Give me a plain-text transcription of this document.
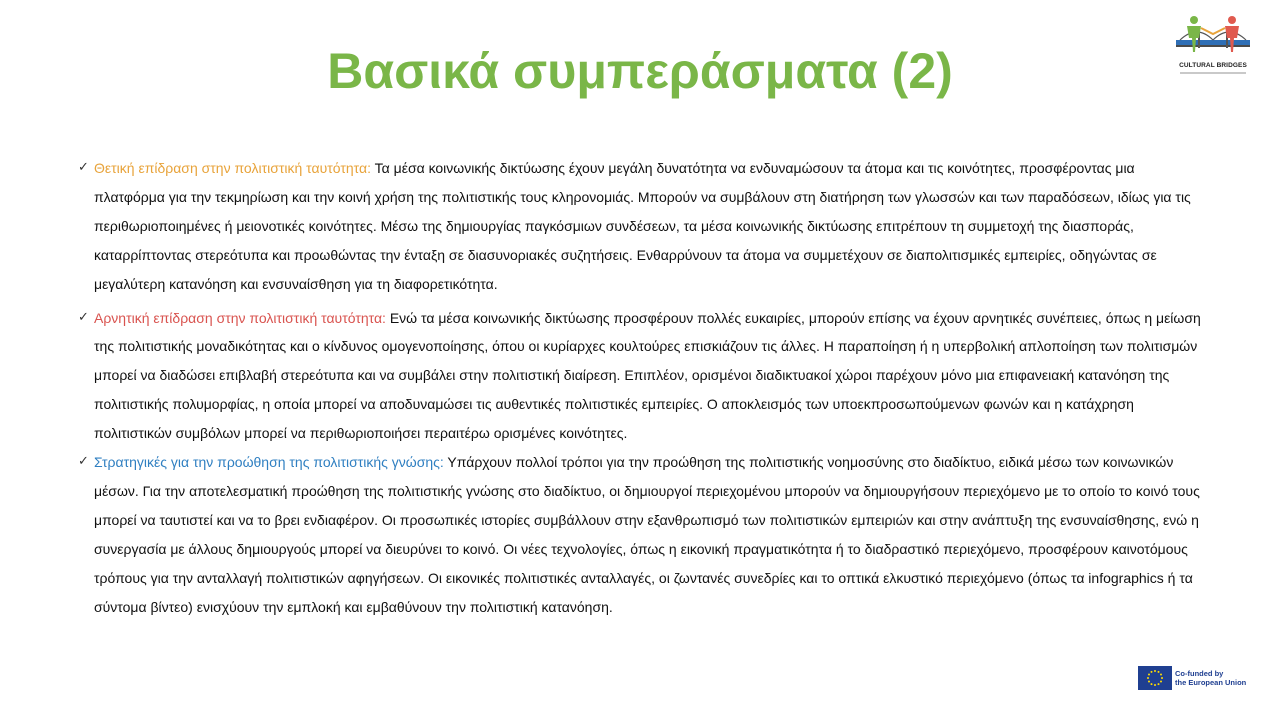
CULTURAL BRIDGES
Βασικά συμπεράσματα (2)
✓ Θετική επίδραση στην πολιτιστική ταυτότητα: Τα μέσα κοινωνικής δικτύωσης έχουν μεγάλη δυνατότητα να ενδυναμώσουν τα άτομα και τις κοινότητες, προσφέροντας μια πλατφόρμα για την τεκμηρίωση και την κοινή χρήση της πολιτιστικής τους κληρονομιάς. Μπορούν να συμβάλουν στη διατήρηση των γλωσσών και των παραδόσεων, ιδίως για τις περιθωριοποιημένες ή μειονοτικές κοινότητες. Μέσω της δημιουργίας παγκόσμιων συνδέσεων, τα μέσα κοινωνικής δικτύωσης επιτρέπουν τη συμμετοχή της διασποράς, καταρρίπτοντας στερεότυπα και προωθώντας την ένταξη σε διασυνοριακές συζητήσεις. Ενθαρρύνουν τα άτομα να συμμετέχουν σε διαπολιτισμικές εμπειρίες, οδηγώντας σε μεγαλύτερη κατανόηση και ενσυναίσθηση για τη διαφορετικότητα.
✓ Αρνητική επίδραση στην πολιτιστική ταυτότητα: Ενώ τα μέσα κοινωνικής δικτύωσης προσφέρουν πολλές ευκαιρίες, μπορούν επίσης να έχουν αρνητικές συνέπειες, όπως η μείωση της πολιτιστικής μοναδικότητας και ο κίνδυνος ομογενοποίησης, όπου οι κυρίαρχες κουλτούρες επισκιάζουν τις άλλες. Η παραποίηση ή η υπερβολική απλοποίηση των πολιτισμών μπορεί να διαδώσει επιβλαβή στερεότυπα και να συμβάλει στην πολιτιστική διαίρεση. Επιπλέον, ορισμένοι διαδικτυακοί χώροι παρέχουν μόνο μια επιφανειακή κατανόηση της πολιτιστικής πολυμορφίας, η οποία μπορεί να αποδυναμώσει τις αυθεντικές πολιτιστικές εμπειρίες. Ο αποκλεισμός των υποεκπροσωπούμενων φωνών και η κατάχρηση πολιτιστικών συμβόλων μπορεί να περιθωριοποιήσει περαιτέρω ορισμένες κοινότητες.
✓ Στρατηγικές για την προώθηση της πολιτιστικής γνώσης: Υπάρχουν πολλοί τρόποι για την προώθηση της πολιτιστικής νοημοσύνης στο διαδίκτυο, ειδικά μέσω των κοινωνικών μέσων. Για την αποτελεσματική προώθηση της πολιτιστικής γνώσης στο διαδίκτυο, οι δημιουργοί περιεχομένου μπορούν να δημιουργήσουν περιεχόμενο με το οποίο το κοινό τους μπορεί να ταυτιστεί και να το βρει ενδιαφέρον. Οι προσωπικές ιστορίες συμβάλλουν στην εξανθρωπισμό των πολιτιστικών εμπειριών και στην ανάπτυξη της ενσυναίσθησης, ενώ η συνεργασία με άλλους δημιουργούς μπορεί να διευρύνει το κοινό. Οι νέες τεχνολογίες, όπως η εικονική πραγματικότητα ή το διαδραστικό περιεχόμενο, προσφέρουν καινοτόμους τρόπους για την ανταλλαγή πολιτιστικών αφηγήσεων. Οι εικονικές πολιτιστικές ανταλλαγές, οι ζωντανές συνεδρίες και το οπτικά ελκυστικό περιεχόμενο (όπως τα infographics ή τα σύντομα βίντεο) ενισχύουν την εμπλοκή και εμβαθύνουν την πολιτιστική κατανόηση.
Co-funded by
the European Union
